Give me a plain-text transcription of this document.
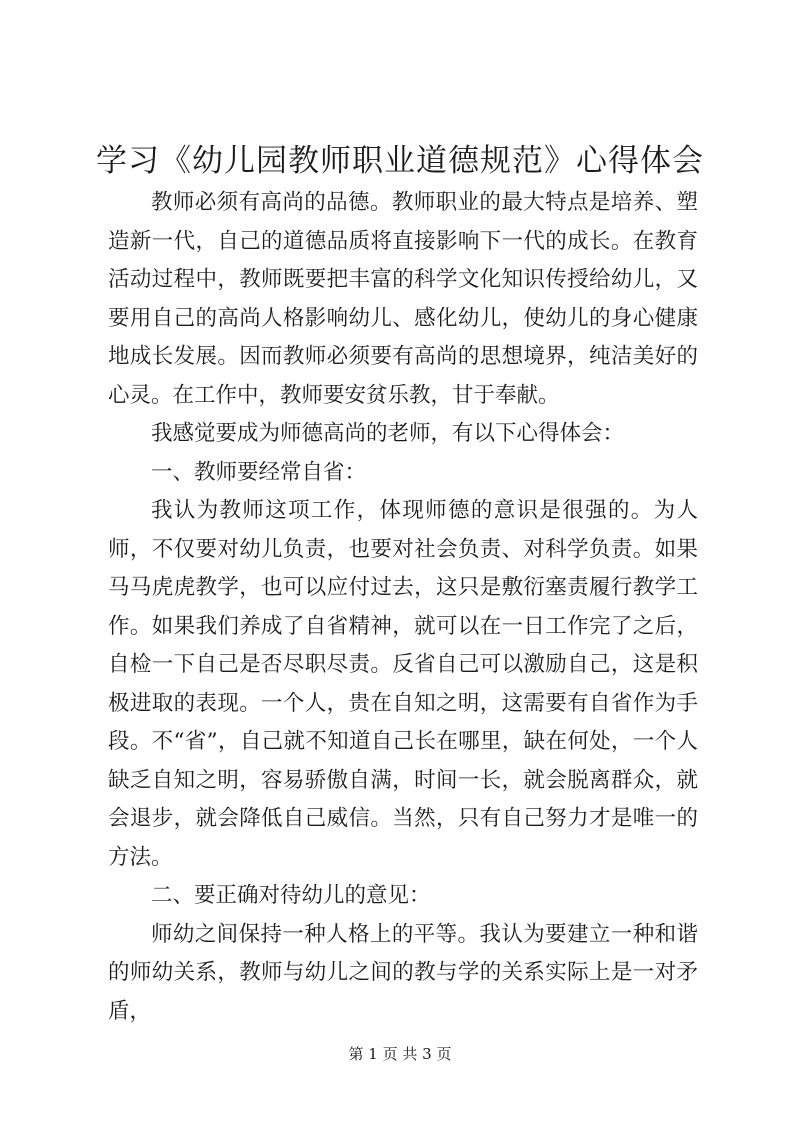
学习《幼儿园教师职业道德规范》心得体会

教师必须有高尚的品德。教师职业的最大特点是培养、塑造新一代，自己的道德品质将直接影响下一代的成长。在教育活动过程中，教师既要把丰富的科学文化知识传授给幼儿，又要用自己的高尚人格影响幼儿、感化幼儿，使幼儿的身心健康地成长发展。因而教师必须要有高尚的思想境界，纯洁美好的心灵。在工作中，教师要安贫乐教，甘于奉献。

我感觉要成为师德高尚的老师，有以下心得体会：

一、教师要经常自省：

我认为教师这项工作，体现师德的意识是很强的。为人师，不仅要对幼儿负责，也要对社会负责、对科学负责。如果马马虎虎教学，也可以应付过去，这只是敷衍塞责履行教学工作。如果我们养成了自省精神，就可以在一日工作完了之后，自检一下自己是否尽职尽责。反省自己可以激励自己，这是积极进取的表现。一个人，贵在自知之明，这需要有自省作为手段。不“省”，自己就不知道自己长在哪里，缺在何处，一个人缺乏自知之明，容易骄傲自满，时间一长，就会脱离群众，就会退步，就会降低自己威信。当然，只有自己努力才是唯一的方法。

二、要正确对待幼儿的意见：

师幼之间保持一种人格上的平等。我认为要建立一种和谐的师幼关系，教师与幼儿之间的教与学的关系实际上是一对矛盾，

第 1 页 共 3 页
